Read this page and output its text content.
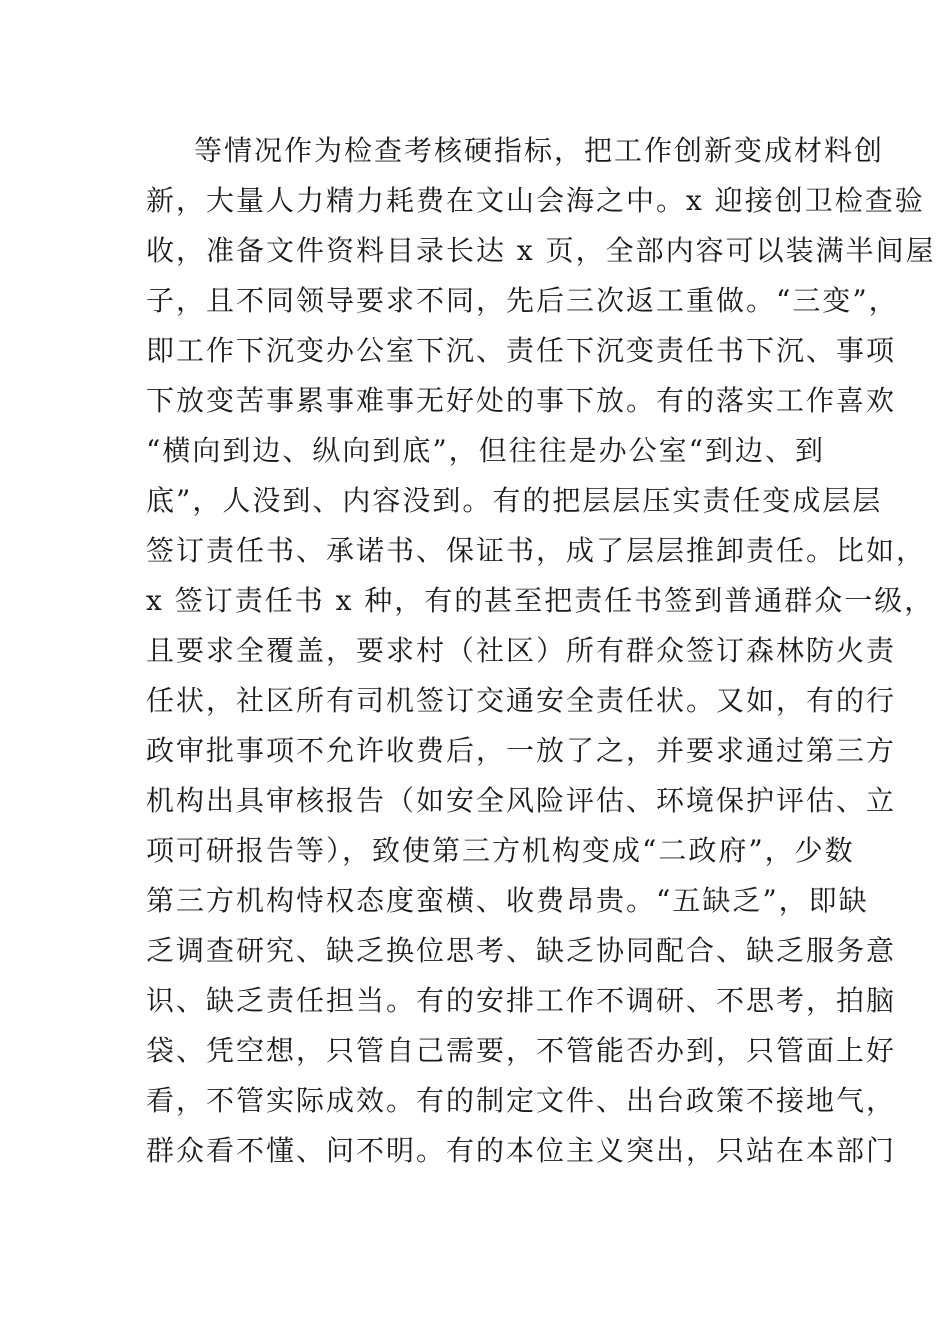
等情况作为检查考核硬指标，把工作创新变成材料创
新，大量人力精力耗费在文山会海之中。x 迎接创卫检查验
收，准备文件资料目录长达 x 页，全部内容可以装满半间屋
子，且不同领导要求不同，先后三次返工重做。“三变”，
即工作下沉变办公室下沉、责任下沉变责任书下沉、事项
下放变苦事累事难事无好处的事下放。有的落实工作喜欢
“横向到边、纵向到底”，但往往是办公室“到边、到
底”，人没到、内容没到。有的把层层压实责任变成层层
签订责任书、承诺书、保证书，成了层层推卸责任。比如，
x 签订责任书 x 种，有的甚至把责任书签到普通群众一级，
且要求全覆盖，要求村（社区）所有群众签订森林防火责
任状，社区所有司机签订交通安全责任状。又如，有的行
政审批事项不允许收费后，一放了之，并要求通过第三方
机构出具审核报告（如安全风险评估、环境保护评估、立
项可研报告等），致使第三方机构变成“二政府”，少数
第三方机构恃权态度蛮横、收费昂贵。“五缺乏”，即缺
乏调查研究、缺乏换位思考、缺乏协同配合、缺乏服务意
识、缺乏责任担当。有的安排工作不调研、不思考，拍脑
袋、凭空想，只管自己需要，不管能否办到，只管面上好
看，不管实际成效。有的制定文件、出台政策不接地气，
群众看不懂、问不明。有的本位主义突出，只站在本部门
